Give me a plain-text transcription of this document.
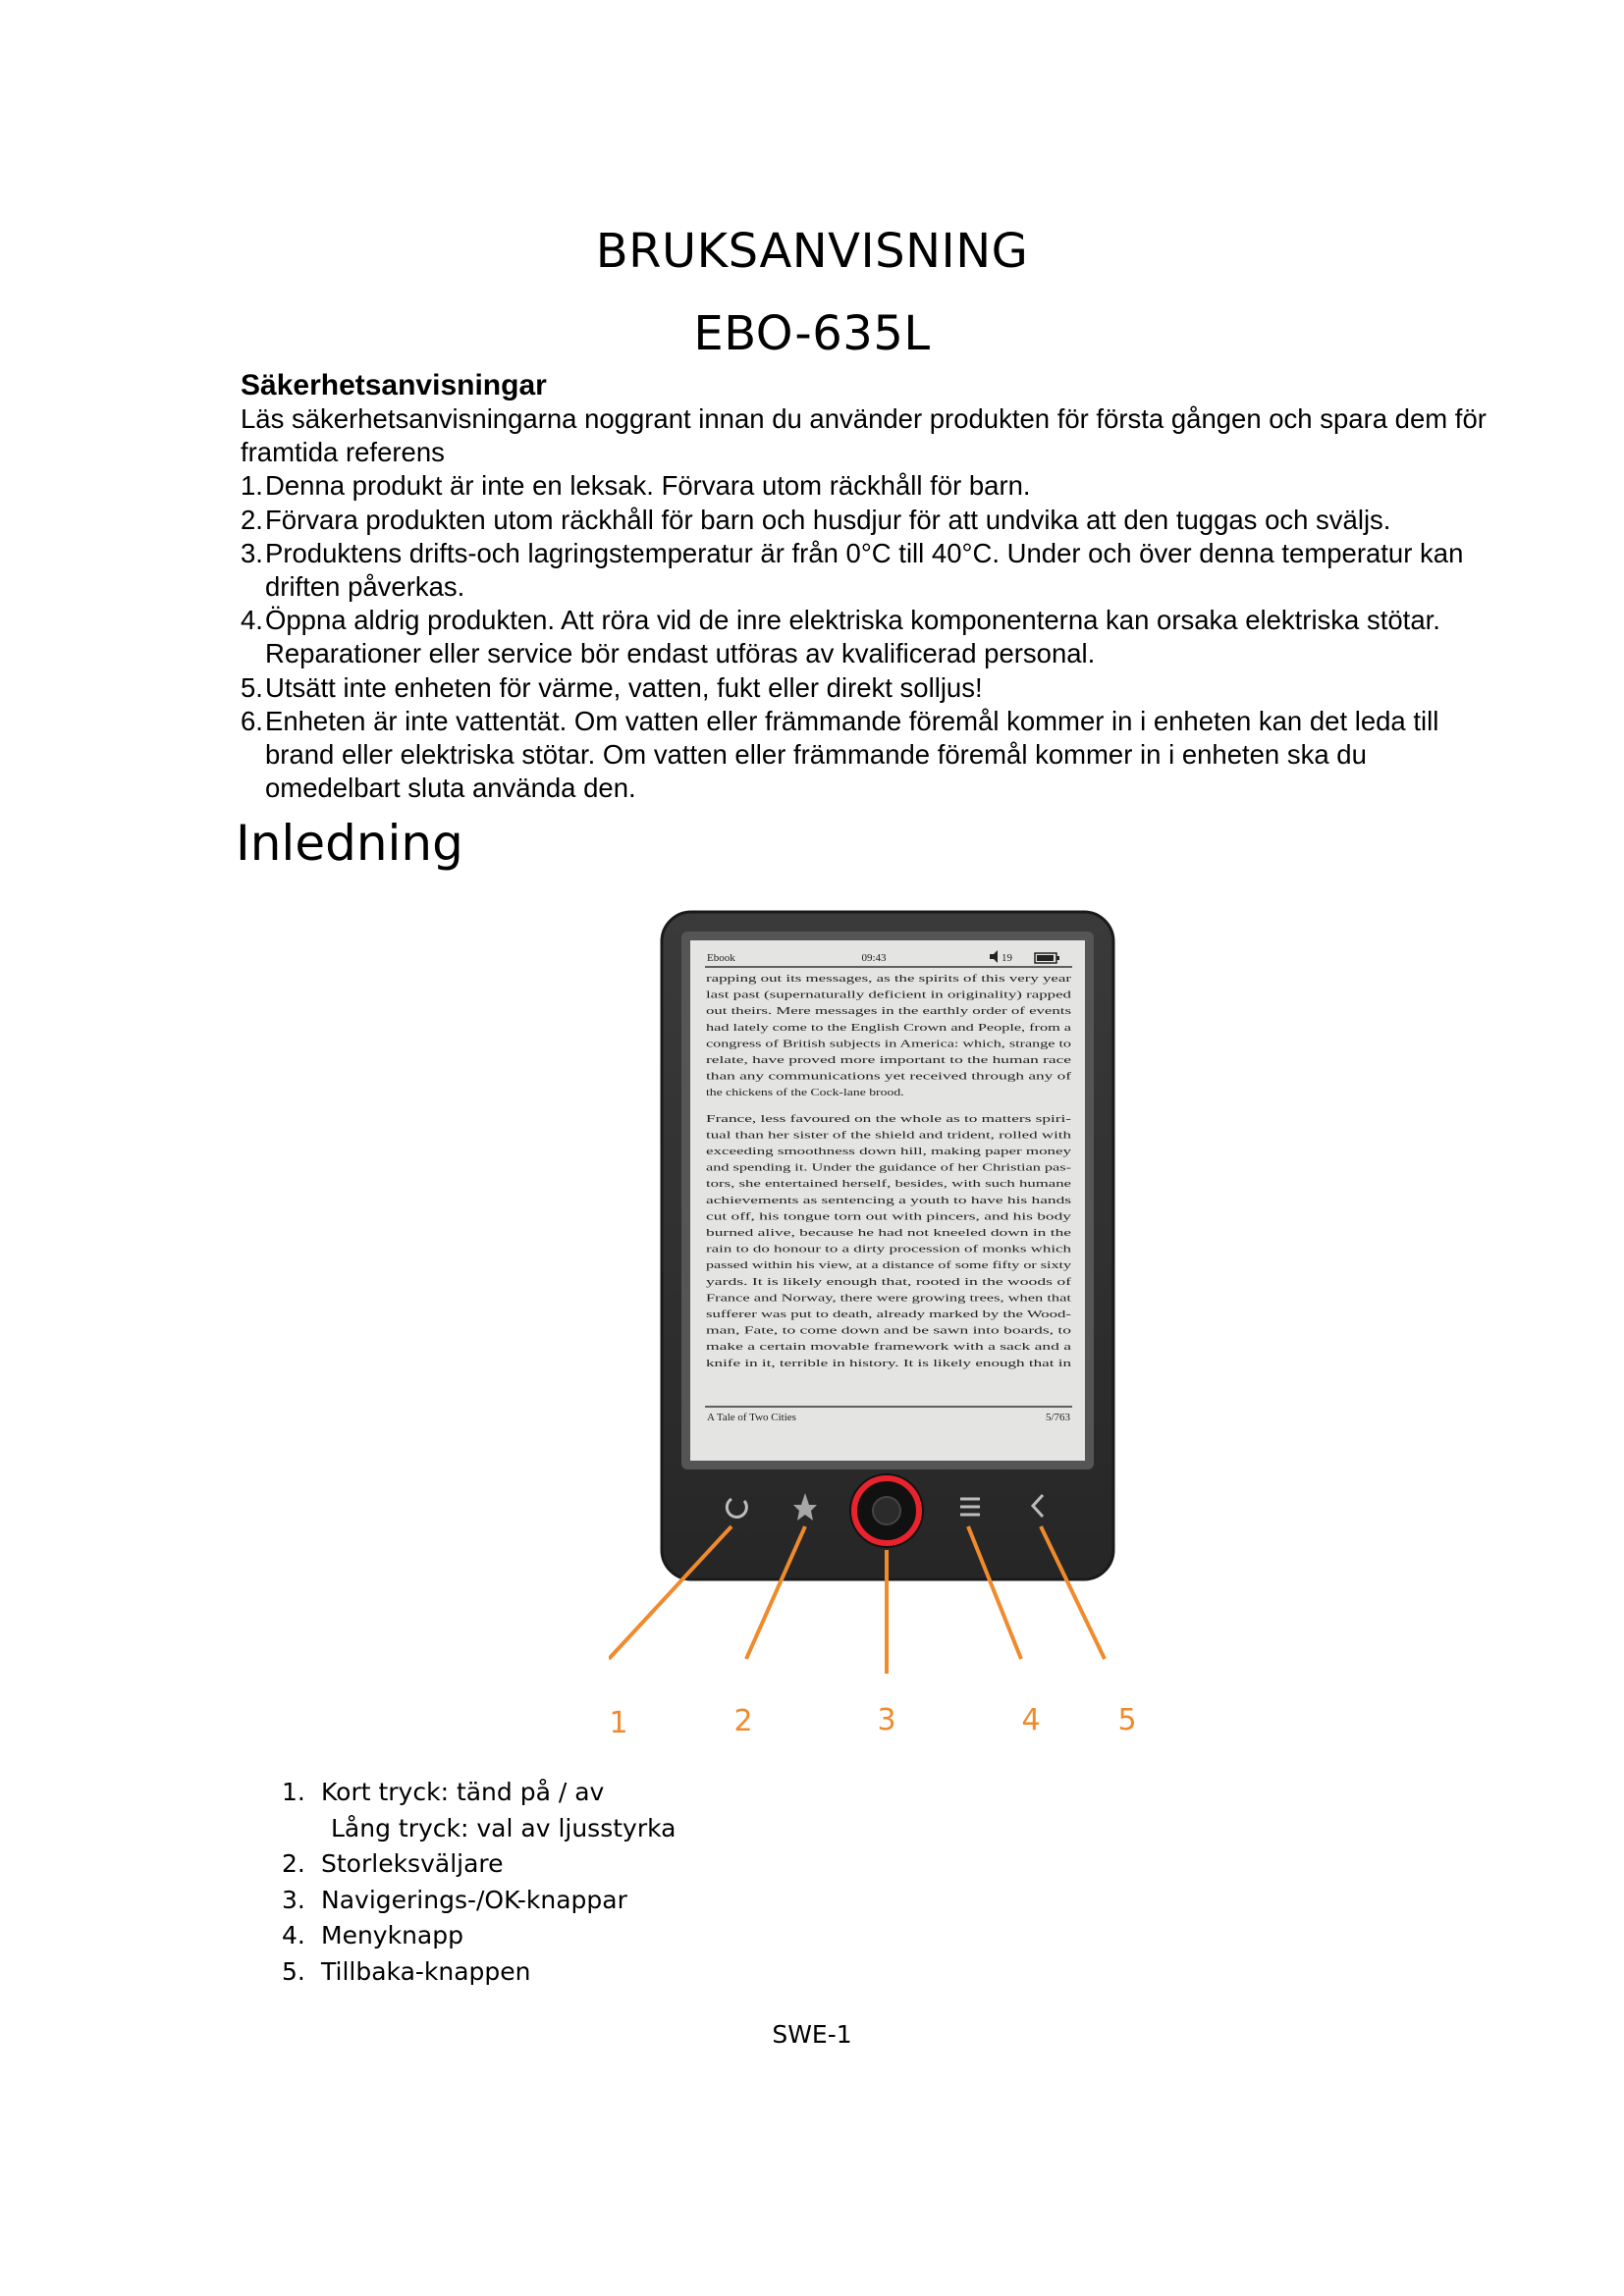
BRUKSANVISNING
EBO-635L
Säkerhetsanvisningar

Läs säkerhetsanvisningarna noggrant innan du använder produkten för första gången och spara dem för framtida referens

1. Denna produkt är inte en leksak. Förvara utom räckhåll för barn.
2. Förvara produkten utom räckhåll för barn och husdjur för att undvika att den tuggas och sväljs.
3. Produktens drifts-och lagringstemperatur är från 0°C till 40°C. Under och över denna temperatur kan driften påverkas.
4. Öppna aldrig produkten. Att röra vid de inre elektriska komponenterna kan orsaka elektriska stötar. Reparationer eller service bör endast utföras av kvalificerad personal.
5. Utsätt inte enheten för värme, vatten, fukt eller direkt solljus!
6. Enheten är inte vattentät. Om vatten eller främmande föremål kommer in i enheten kan det leda till brand eller elektriska stötar. Om vatten eller främmande föremål kommer in i enheten ska du omedelbart sluta använda den.
Inledning
Ebook	09:43	19
rapping out its messages, as the spirits of this very year
last past (supernaturally deficient in originality) rapped
out theirs. Mere messages in the earthly order of events
had lately come to the English Crown and People, from a
congress of British subjects in America: which, strange to
relate, have proved more important to the human race
than any communications yet received through any of
the chickens of the Cock-lane brood.
France, less favoured on the whole as to matters spiri-
tual than her sister of the shield and trident, rolled with
exceeding smoothness down hill, making paper money
and spending it. Under the guidance of her Christian pas-
tors, she entertained herself, besides, with such humane
achievements as sentencing a youth to have his hands
cut off, his tongue torn out with pincers, and his body
burned alive, because he had not kneeled down in the
rain to do honour to a dirty procession of monks which
passed within his view, at a distance of some fifty or sixty
yards. It is likely enough that, rooted in the woods of
France and Norway, there were growing trees, when that
sufferer was put to death, already marked by the Wood-
man, Fate, to come down and be sawn into boards, to
make a certain movable framework with a sack and a
knife in it, terrible in history. It is likely enough that in
A Tale of Two Cities	5/763
1	2	3	4	5
1. Kort tryck: tänd på / av
Lång tryck: val av ljusstyrka
2. Storleksväljare
3. Navigerings-/OK-knappar
4. Menyknapp
5. Tillbaka-knappen
SWE-1
